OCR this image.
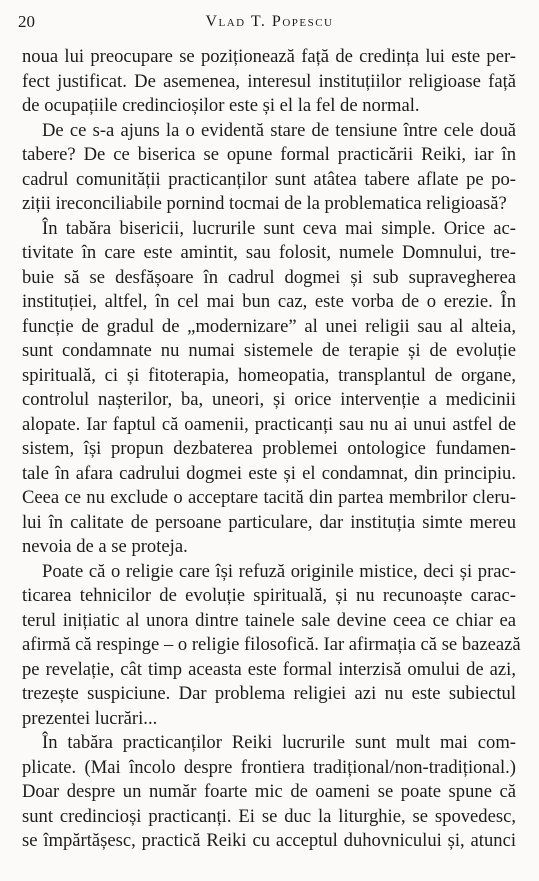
20	Vlad T. Popescu
noua lui preocupare se poziționează față de credința lui este per-
fect justificat. De asemenea, interesul instituțiilor religioase față
de ocupațiile credincioșilor este și el la fel de normal.
De ce s-a ajuns la o evidentă stare de tensiune între cele două
tabere? De ce biserica se opune formal practicării Reiki, iar în
cadrul comunității practicanților sunt atâtea tabere aflate pe po-
ziții ireconciliabile pornind tocmai de la problematica religioasă?
În tabăra bisericii, lucrurile sunt ceva mai simple. Orice ac-
tivitate în care este amintit, sau folosit, numele Domnului, tre-
buie să se desfășoare în cadrul dogmei și sub supravegherea
instituției, altfel, în cel mai bun caz, este vorba de o erezie. În
funcție de gradul de „modernizare” al unei religii sau al alteia,
sunt condamnate nu numai sistemele de terapie și de evoluție
spirituală, ci și fitoterapia, homeopatia, transplantul de organe,
controlul nașterilor, ba, uneori, și orice intervenție a medicinii
alopate. Iar faptul că oamenii, practicanți sau nu ai unui astfel de
sistem, își propun dezbaterea problemei ontologice fundamen-
tale în afara cadrului dogmei este și el condamnat, din principiu.
Ceea ce nu exclude o acceptare tacită din partea membrilor cleru-
lui în calitate de persoane particulare, dar instituția simte mereu
nevoia de a se proteja.
Poate că o religie care își refuză originile mistice, deci și prac-
ticarea tehnicilor de evoluție spirituală, și nu recunoaște carac-
terul inițiatic al unora dintre tainele sale devine ceea ce chiar ea
afirmă că respinge – o religie filosofică. Iar afirmația că se bazează
pe revelație, cât timp aceasta este formal interzisă omului de azi,
trezește suspiciune. Dar problema religiei azi nu este subiectul
prezentei lucrări...
În tabăra practicanților Reiki lucrurile sunt mult mai com-
plicate. (Mai încolo despre frontiera tradițional/non-tradițional.)
Doar despre un număr foarte mic de oameni se poate spune că
sunt credincioși practicanți. Ei se duc la liturghie, se spovedesc,
se împărtășesc, practică Reiki cu acceptul duhovnicului și, atunci
